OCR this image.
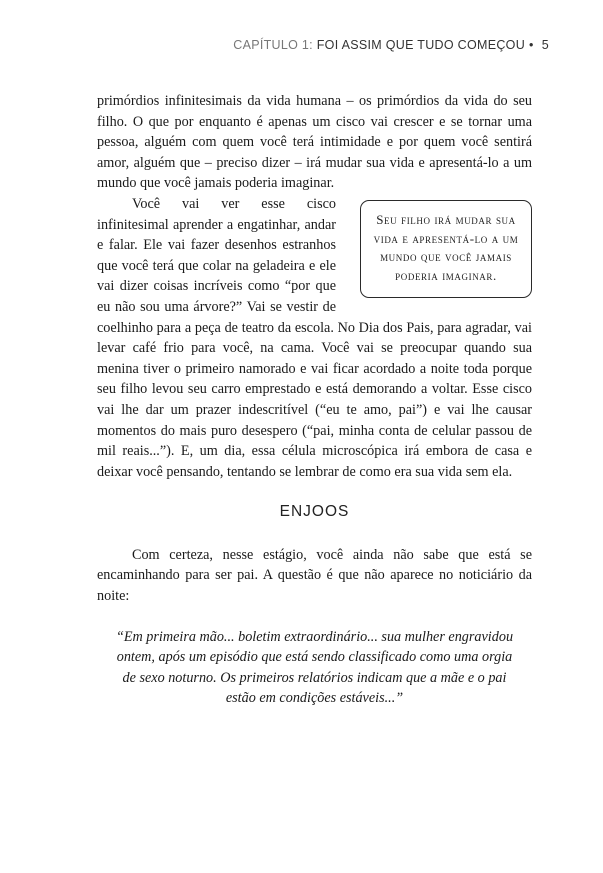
CAPÍTULO 1: FOI ASSIM QUE TUDO COMEÇOU • 5

primórdios infinitesimais da vida humana – os primórdios da vida do seu filho. O que por enquanto é apenas um cisco vai crescer e se tornar uma pessoa, alguém com quem você terá intimidade e por quem você sentirá amor, alguém que – preciso dizer – irá mudar sua vida e apresentá-lo a um mundo que você jamais poderia imaginar.

Seu filho irá mudar sua vida e apresentá-lo a um mundo que você jamais poderia imaginar.
Você vai ver esse cisco infinitesimal aprender a engatinhar, andar e falar. Ele vai fazer desenhos estranhos que você terá que colar na geladeira e ele vai dizer coisas incríveis como “por que eu não sou uma árvore?” Vai se vestir de coelhinho para a peça de teatro da escola. No Dia dos Pais, para agradar, vai levar café frio para você, na cama. Você vai se preocupar quando sua menina tiver o primeiro namorado e vai ficar acordado a noite toda porque seu filho levou seu carro emprestado e está demorando a voltar. Esse cisco vai lhe dar um prazer indescritível (“eu te amo, pai”) e vai lhe causar momentos do mais puro desespero (“pai, minha conta de celular passou de mil reais...”). E, um dia, essa célula microscópica irá embora de casa e deixar você pensando, tentando se lembrar de como era sua vida sem ela.

ENJOOS

Com certeza, nesse estágio, você ainda não sabe que está se encaminhando para ser pai. A questão é que não aparece no noticiário da noite:

“Em primeira mão... boletim extraordinário... sua mulher engravidou ontem, após um episódio que está sendo classificado como uma orgia de sexo noturno. Os primeiros relatórios indicam que a mãe e o pai estão em condições estáveis...”
